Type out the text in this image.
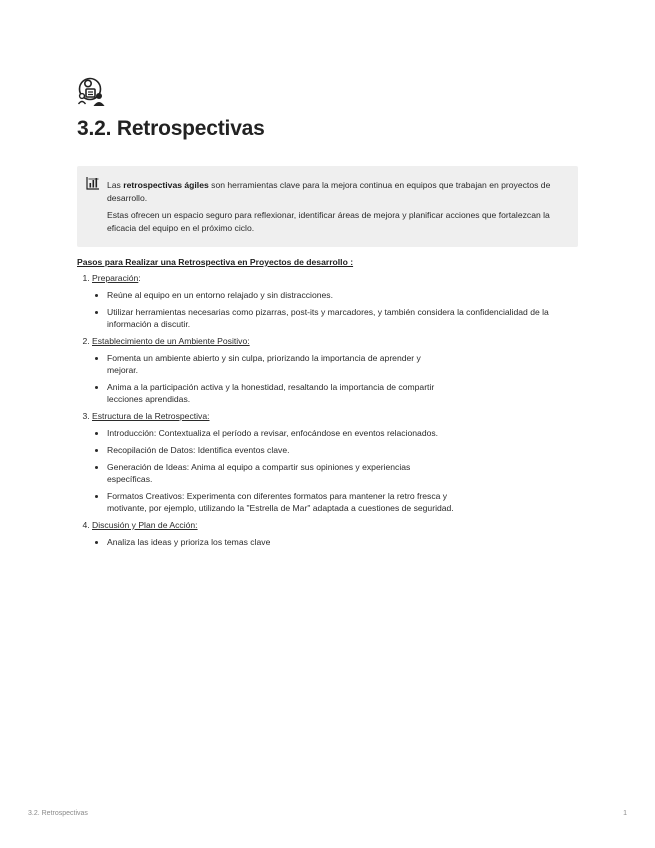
3.2. Retrospectivas

Las retrospectivas ágiles son herramientas clave para la mejora continua en equipos que trabajan en proyectos de desarrollo.

Estas ofrecen un espacio seguro para reflexionar, identificar áreas de mejora y planificar acciones que fortalezcan la eficacia del equipo en el próximo ciclo.

Pasos para Realizar una Retrospectiva en Proyectos de desarrollo :
1. Preparación:
• Reúne al equipo en un entorno relajado y sin distracciones.
• Utilizar herramientas necesarias como pizarras, post-its y marcadores, y también considera la confidencialidad de la información a discutir.
2. Establecimiento de un Ambiente Positivo:
• Fomenta un ambiente abierto y sin culpa, priorizando la importancia de aprender y mejorar.
• Anima a la participación activa y la honestidad, resaltando la importancia de compartir lecciones aprendidas.
3. Estructura de la Retrospectiva:
• Introducción: Contextualiza el período a revisar, enfocándose en eventos relacionados.
• Recopilación de Datos: Identifica eventos clave.
• Generación de Ideas: Anima al equipo a compartir sus opiniones y experiencias específicas.
• Formatos Creativos: Experimenta con diferentes formatos para mantener la retro fresca y motivante, por ejemplo, utilizando la "Estrella de Mar" adaptada a cuestiones de seguridad.
4. Discusión y Plan de Acción:
• Analiza las ideas y prioriza los temas clave
3.2. Retrospectivas	1
